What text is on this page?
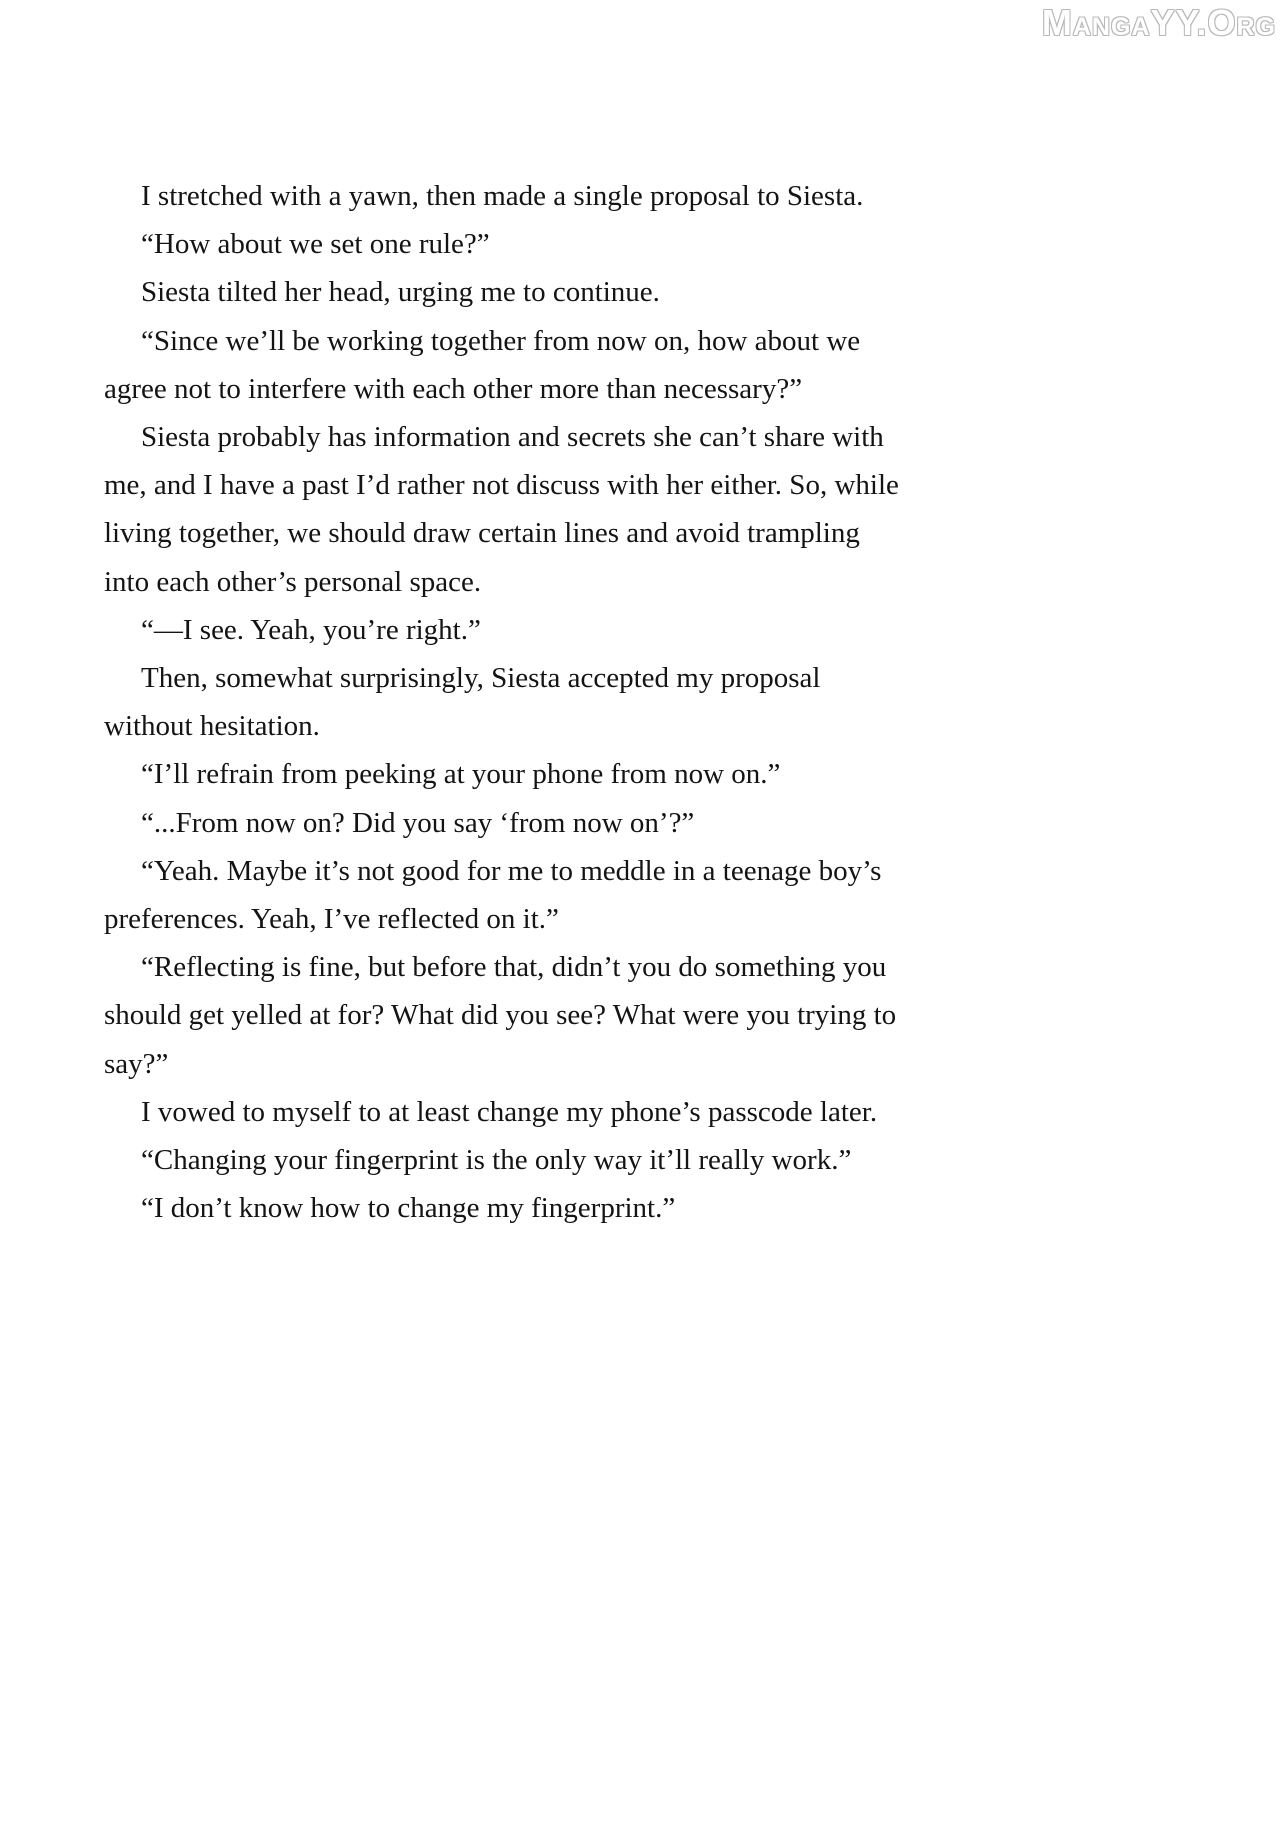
MangaYY.Org
I stretched with a yawn, then made a single proposal to Siesta.
“How about we set one rule?”
Siesta tilted her head, urging me to continue.
“Since we’ll be working together from now on, how about we
agree not to interfere with each other more than necessary?”
Siesta probably has information and secrets she can’t share with
me, and I have a past I’d rather not discuss with her either. So, while
living together, we should draw certain lines and avoid trampling
into each other’s personal space.
“—I see. Yeah, you’re right.”
Then, somewhat surprisingly, Siesta accepted my proposal
without hesitation.
“I’ll refrain from peeking at your phone from now on.”
“...From now on? Did you say ‘from now on’?”
“Yeah. Maybe it’s not good for me to meddle in a teenage boy’s
preferences. Yeah, I’ve reflected on it.”
“Reflecting is fine, but before that, didn’t you do something you
should get yelled at for? What did you see? What were you trying to
say?”
I vowed to myself to at least change my phone’s passcode later.
“Changing your fingerprint is the only way it’ll really work.”
“I don’t know how to change my fingerprint.”
